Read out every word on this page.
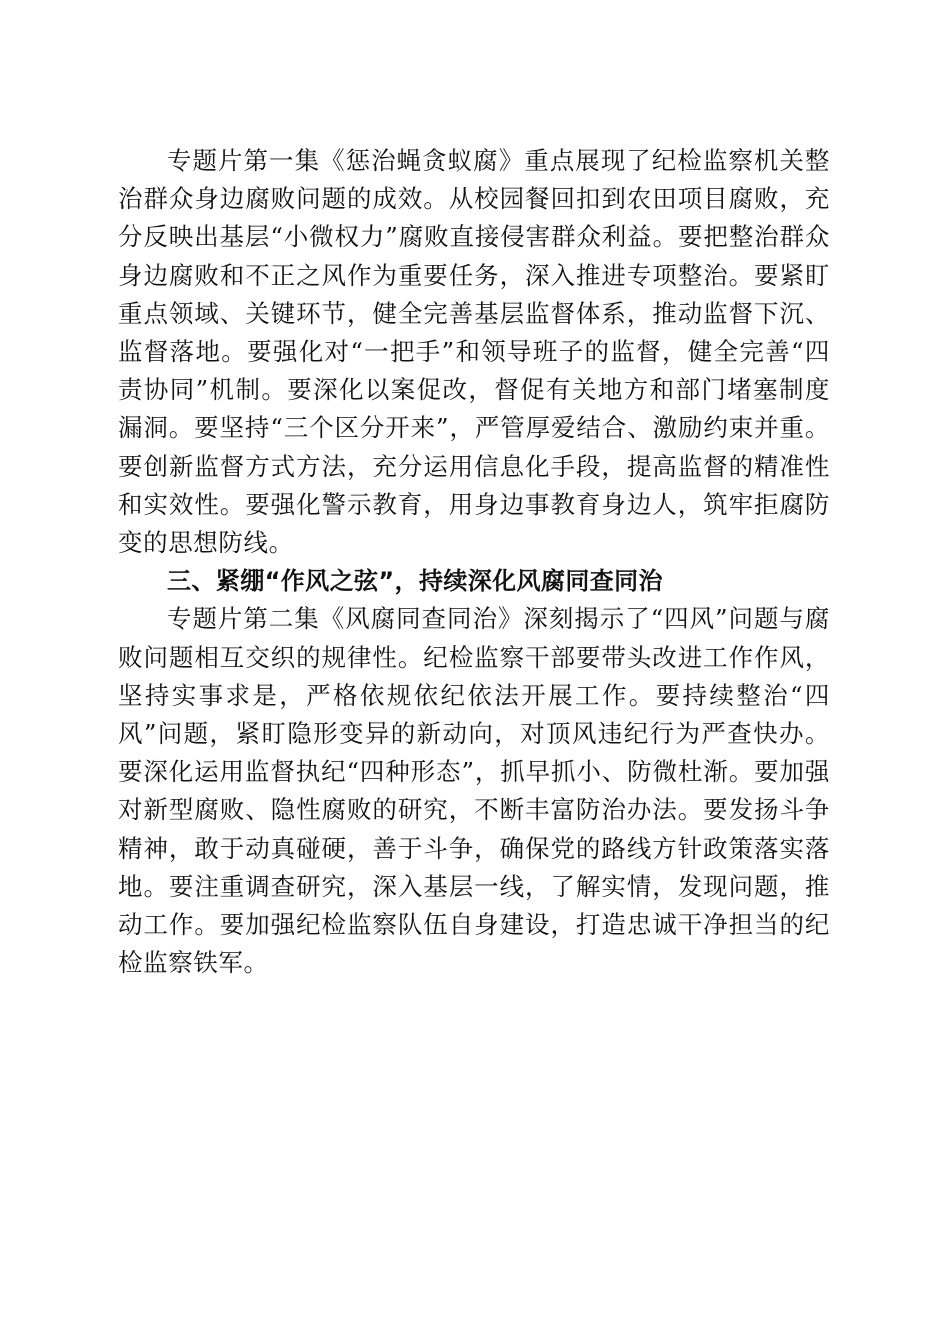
专题片第一集《惩治蝇贪蚁腐》重点展现了纪检监察机关整治群众身边腐败问题的成效。从校园餐回扣到农田项目腐败，充分反映出基层“小微权力”腐败直接侵害群众利益。要把整治群众身边腐败和不正之风作为重要任务，深入推进专项整治。要紧盯重点领域、关键环节，健全完善基层监督体系，推动监督下沉、监督落地。要强化对“一把手”和领导班子的监督，健全完善“四责协同”机制。要深化以案促改，督促有关地方和部门堵塞制度漏洞。要坚持“三个区分开来”，严管厚爱结合、激励约束并重。要创新监督方式方法，充分运用信息化手段，提高监督的精准性和实效性。要强化警示教育，用身边事教育身边人，筑牢拒腐防变的思想防线。

三、紧绷“作风之弦”，持续深化风腐同查同治

专题片第二集《风腐同查同治》深刻揭示了“四风”问题与腐败问题相互交织的规律性。纪检监察干部要带头改进工作作风，坚持实事求是，严格依规依纪依法开展工作。要持续整治“四风”问题，紧盯隐形变异的新动向，对顶风违纪行为严查快办。要深化运用监督执纪“四种形态”，抓早抓小、防微杜渐。要加强对新型腐败、隐性腐败的研究，不断丰富防治办法。要发扬斗争精神，敢于动真碰硬，善于斗争，确保党的路线方针政策落实落地。要注重调查研究，深入基层一线，了解实情，发现问题，推动工作。要加强纪检监察队伍自身建设，打造忠诚干净担当的纪检监察铁军。
